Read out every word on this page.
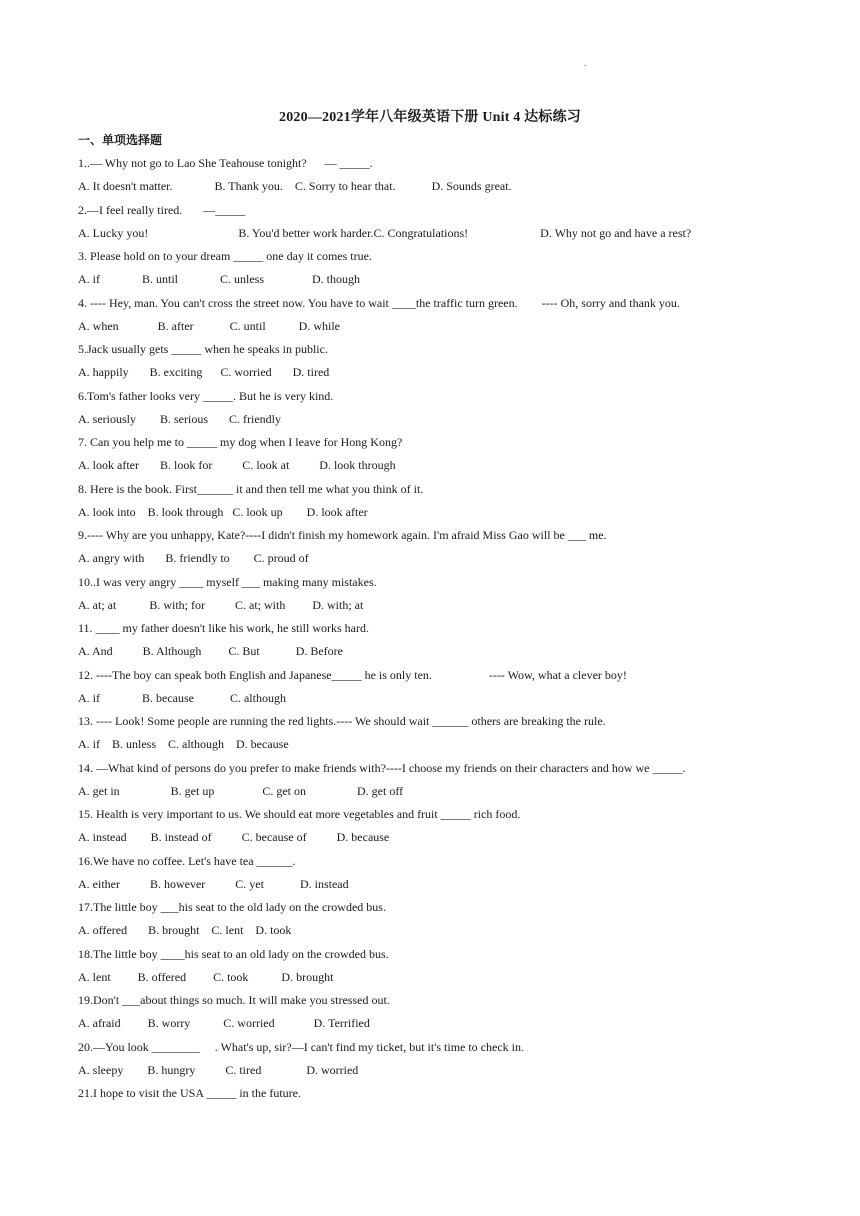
.
2020—2021学年八年级英语下册 Unit 4 达标练习
一、单项选择题
1..— Why not go to Lao She Teahouse tonight?      — _____.
A. It doesn't matter.              B. Thank you.    C. Sorry to hear that.            D. Sounds great.
2.—I feel really tired.       —_____
A. Lucky you!                              B. You'd better work harder.C. Congratulations!                        D. Why not go and have a rest?
3. Please hold on to your dream _____ one day it comes true.
A. if              B. until              C. unless                D. though
4. ---- Hey, man. You can't cross the street now. You have to wait ____the traffic turn green.        ---- Oh, sorry and thank you.
A. when             B. after            C. until           D. while
5.Jack usually gets _____ when he speaks in public.
A. happily       B. exciting      C. worried       D. tired
6.Tom's father looks very _____. But he is very kind.
A. seriously        B. serious       C. friendly
7. Can you help me to _____ my dog when I leave for Hong Kong?
A. look after       B. look for          C. look at          D. look through
8. Here is the book. First______ it and then tell me what you think of it.
A. look into    B. look through   C. look up        D. look after
9.---- Why are you unhappy, Kate?----I didn't finish my homework again. I'm afraid Miss Gao will be ___ me.
A. angry with       B. friendly to        C. proud of
10..I was very angry ____ myself ___ making many mistakes.
A. at; at           B. with; for          C. at; with         D. with; at
11. ____ my father doesn't like his work, he still works hard.
A. And          B. Although         C. But            D. Before
12. ----The boy can speak both English and Japanese_____ he is only ten.                   ---- Wow, what a clever boy!
A. if              B. because            C. although
13. ---- Look! Some people are running the red lights.---- We should wait ______ others are breaking the rule.
A. if    B. unless    C. although    D. because
14. —What kind of persons do you prefer to make friends with?----I choose my friends on their characters and how we _____.
A. get in                 B. get up                C. get on                 D. get off
15. Health is very important to us. We should eat more vegetables and fruit _____ rich food.
A. instead        B. instead of          C. because of          D. because
16.We have no coffee. Let's have tea ______.
A. either          B. however          C. yet            D. instead
17.The little boy ___his seat to the old lady on the crowded bus.
A. offered       B. brought    C. lent    D. took
18.The little boy ____his seat to an old lady on the crowded bus.
A. lent         B. offered         C. took           D. brought
19.Don't ___about things so much. It will make you stressed out.
A. afraid         B. worry           C. worried             D. Terrified
20.—You look ________     . What's up, sir?—I can't find my ticket, but it's time to check in.
A. sleepy        B. hungry          C. tired               D. worried
21.I hope to visit the USA _____ in the future.
